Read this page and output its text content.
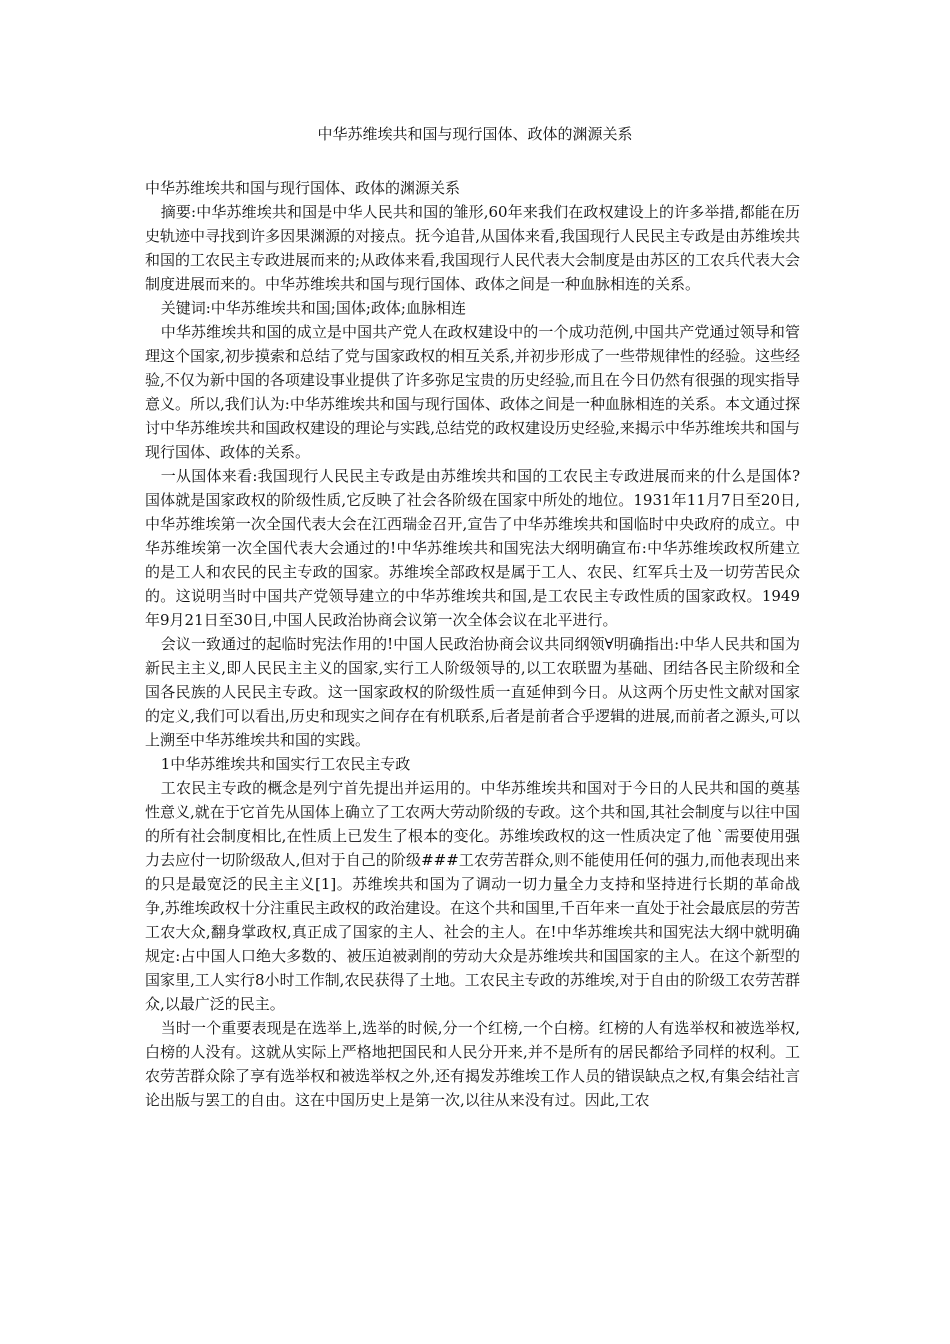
中华苏维埃共和国与现行国体、政体的渊源关系

中华苏维埃共和国与现行国体、政体的渊源关系

摘要:中华苏维埃共和国是中华人民共和国的雏形,60年来我们在政权建设上的许多举措,都能在历史轨迹中寻找到许多因果渊源的对接点。抚今追昔,从国体来看,我国现行人民民主专政是由苏维埃共和国的工农民主专政进展而来的;从政体来看,我国现行人民代表大会制度是由苏区的工农兵代表大会制度进展而来的。中华苏维埃共和国与现行国体、政体之间是一种血脉相连的关系。

关键词:中华苏维埃共和国;国体;政体;血脉相连

中华苏维埃共和国的成立是中国共产党人在政权建设中的一个成功范例,中国共产党通过领导和管理这个国家,初步摸索和总结了党与国家政权的相互关系,并初步形成了一些带规律性的经验。这些经验,不仅为新中国的各项建设事业提供了许多弥足宝贵的历史经验,而且在今日仍然有很强的现实指导意义。所以,我们认为:中华苏维埃共和国与现行国体、政体之间是一种血脉相连的关系。本文通过探讨中华苏维埃共和国政权建设的理论与实践,总结党的政权建设历史经验,来揭示中华苏维埃共和国与现行国体、政体的关系。

一从国体来看:我国现行人民民主专政是由苏维埃共和国的工农民主专政进展而来的什么是国体?国体就是国家政权的阶级性质,它反映了社会各阶级在国家中所处的地位。1931年11月7日至20日,中华苏维埃第一次全国代表大会在江西瑞金召开,宣告了中华苏维埃共和国临时中央政府的成立。中华苏维埃第一次全国代表大会通过的!中华苏维埃共和国宪法大纲明确宣布:中华苏维埃政权所建立的是工人和农民的民主专政的国家。苏维埃全部政权是属于工人、农民、红军兵士及一切劳苦民众的。这说明当时中国共产党领导建立的中华苏维埃共和国,是工农民主专政性质的国家政权。1949年9月21日至30日,中国人民政治协商会议第一次全体会议在北平进行。

会议一致通过的起临时宪法作用的!中国人民政治协商会议共同纲领∀明确指出:中华人民共和国为新民主主义,即人民民主主义的国家,实行工人阶级领导的,以工农联盟为基础、团结各民主阶级和全国各民族的人民民主专政。这一国家政权的阶级性质一直延伸到今日。从这两个历史性文献对国家的定义,我们可以看出,历史和现实之间存在有机联系,后者是前者合乎逻辑的进展,而前者之源头,可以上溯至中华苏维埃共和国的实践。

1中华苏维埃共和国实行工农民主专政

工农民主专政的概念是列宁首先提出并运用的。中华苏维埃共和国对于今日的人民共和国的奠基性意义,就在于它首先从国体上确立了工农两大劳动阶级的专政。这个共和国,其社会制度与以往中国的所有社会制度相比,在性质上已发生了根本的变化。苏维埃政权的这一性质决定了他 ˋ需要使用强力去应付一切阶级敌人,但对于自己的阶级###工农劳苦群众,则不能使用任何的强力,而他表现出来的只是最宽泛的民主主义[1]。苏维埃共和国为了调动一切力量全力支持和坚持进行长期的革命战争,苏维埃政权十分注重民主政权的政治建设。在这个共和国里,千百年来一直处于社会最底层的劳苦工农大众,翻身掌政权,真正成了国家的主人、社会的主人。在!中华苏维埃共和国宪法大纲中就明确规定:占中国人口绝大多数的、被压迫被剥削的劳动大众是苏维埃共和国国家的主人。在这个新型的国家里,工人实行8小时工作制,农民获得了土地。工农民主专政的苏维埃,对于自由的阶级工农劳苦群众,以最广泛的民主。

当时一个重要表现是在选举上,选举的时候,分一个红榜,一个白榜。红榜的人有选举权和被选举权,白榜的人没有。这就从实际上严格地把国民和人民分开来,并不是所有的居民都给予同样的权利。工农劳苦群众除了享有选举权和被选举权之外,还有揭发苏维埃工作人员的错误缺点之权,有集会结社言论出版与罢工的自由。这在中国历史上是第一次,以往从来没有过。因此,工农
